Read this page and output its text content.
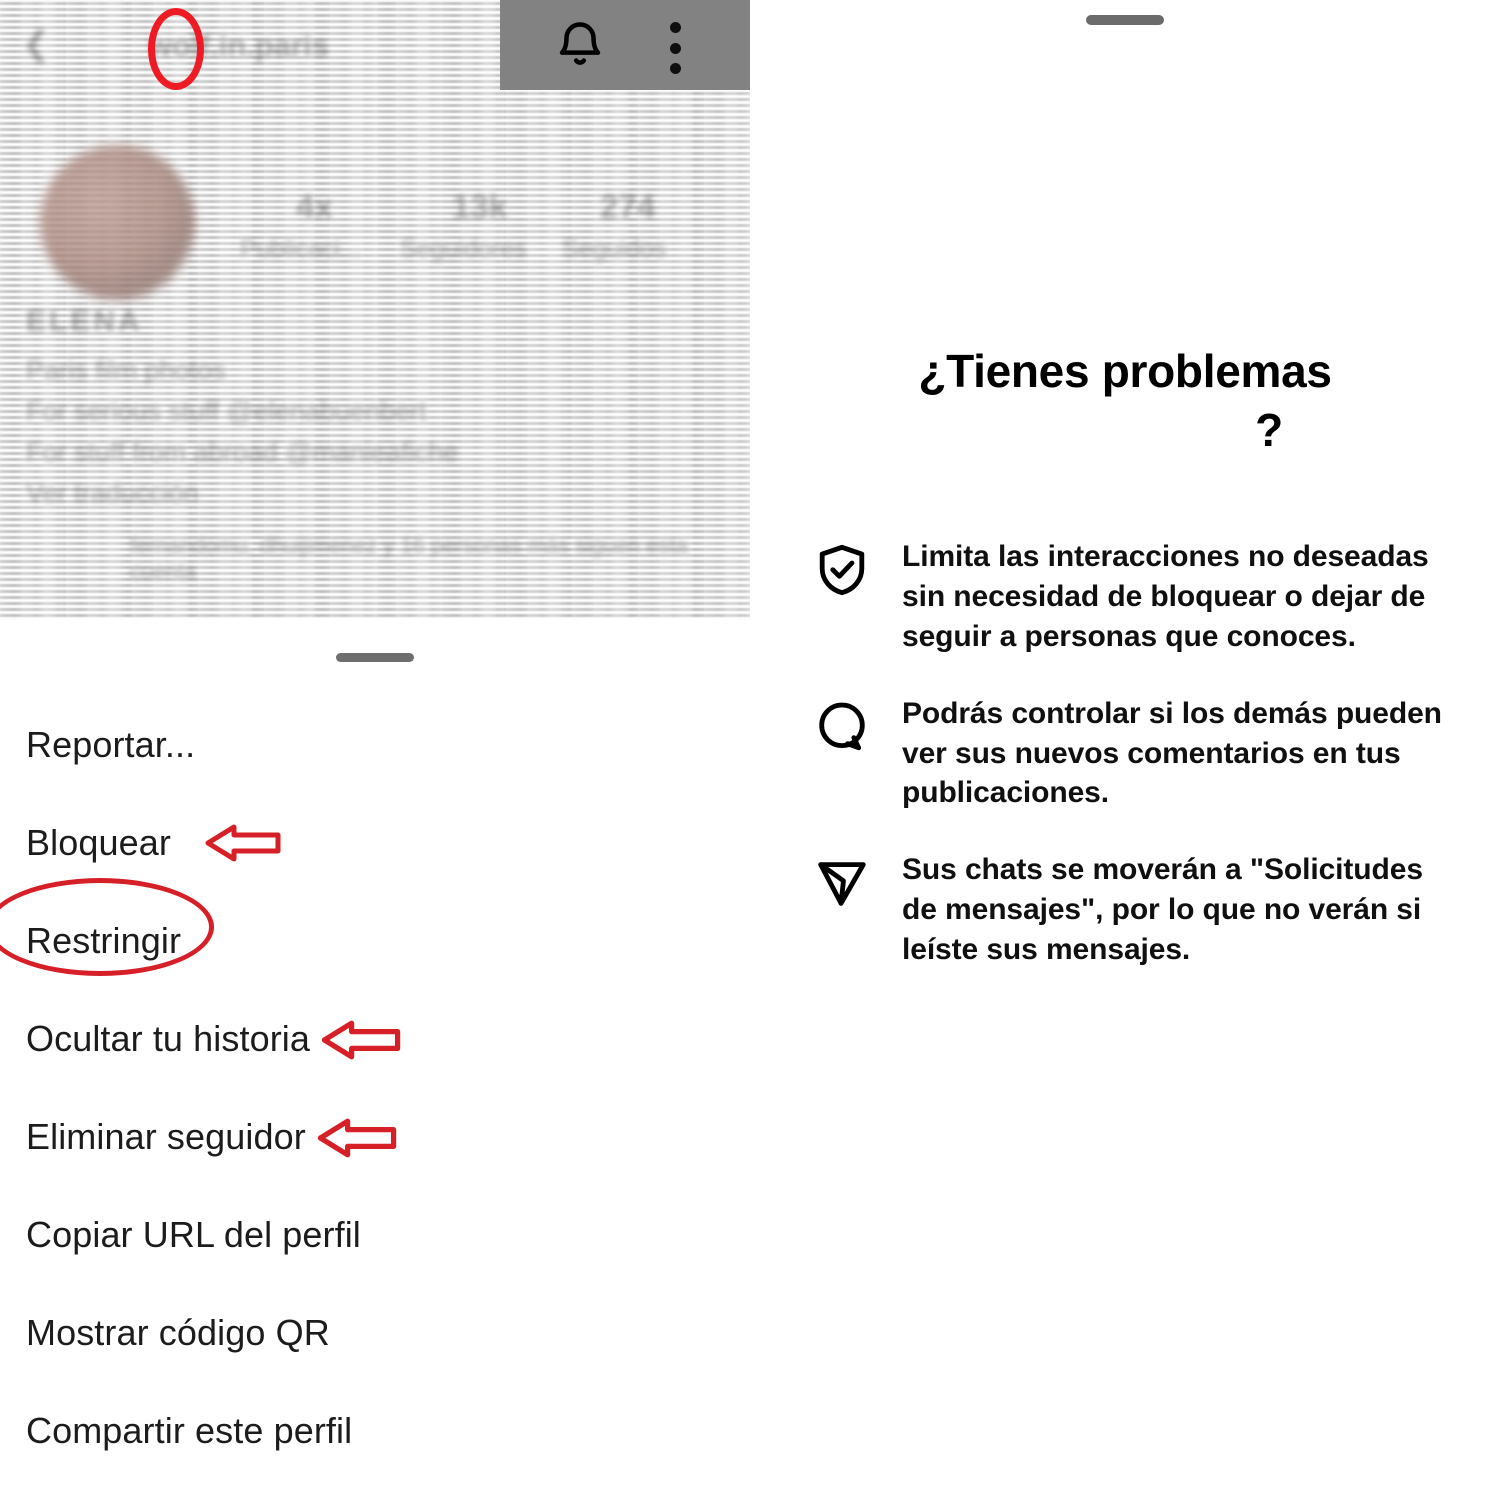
❮	wolf.in.paris
4x	13k	274
Publicaci... Seguidores Seguidos
ELENA
Paris film photos
For serious stuff @elenabuenbert
For stuff from abroad @manieafiche
Ver traducción
fernandomu, dhuijimenez y 16 personas más siguen esta cuenta
Reportar...
Bloquear
Restringir
Ocultar tu historia
Eliminar seguidor
Copiar URL del perfil
Mostrar código QR
Compartir este perfil
¿Tienes problemas
?
Limita las interacciones no deseadas sin necesidad de bloquear o dejar de seguir a personas que conoces.
Podrás controlar si los demás pueden ver sus nuevos comentarios en tus publicaciones.
Sus chats se moverán a "Solicitudes de mensajes", por lo que no verán si leíste sus mensajes.
